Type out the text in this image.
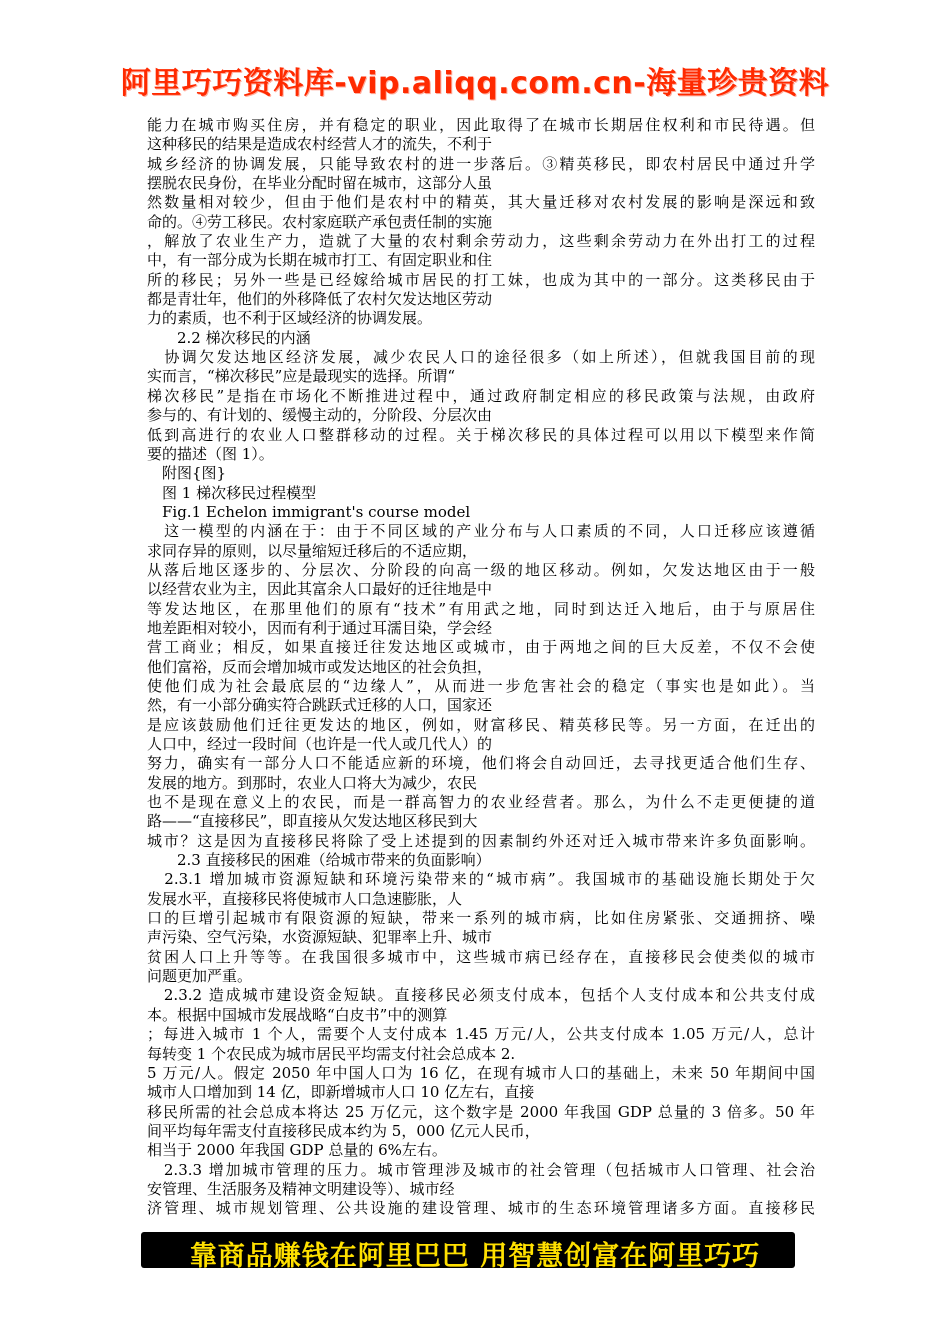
阿里巧巧资料库-vip.aliqq.com.cn-海量珍贵资料
能力在城市购买住房，并有稳定的职业，因此取得了在城市长期居住权利和市民待遇。但
这种移民的结果是造成农村经营人才的流失，不利于
城乡经济的协调发展，只能导致农村的进一步落后。③精英移民，即农村居民中通过升学
摆脱农民身份，在毕业分配时留在城市，这部分人虽
然数量相对较少，但由于他们是农村中的精英，其大量迁移对农村发展的影响是深远和致
命的。④劳工移民。农村家庭联产承包责任制的实施
，解放了农业生产力，造就了大量的农村剩余劳动力，这些剩余劳动力在外出打工的过程
中，有一部分成为长期在城市打工、有固定职业和住
所的移民；另外一些是已经嫁给城市居民的打工妹，也成为其中的一部分。这类移民由于
都是青壮年，他们的外移降低了农村欠发达地区劳动
力的素质，也不利于区域经济的协调发展。
　　2.2 梯次移民的内涵
　协调欠发达地区经济发展，减少农民人口的途径很多（如上所述），但就我国目前的现
实而言，“梯次移民”应是最现实的选择。所谓“
梯次移民”是指在市场化不断推进过程中，通过政府制定相应的移民政策与法规，由政府
参与的、有计划的、缓慢主动的，分阶段、分层次由
低到高进行的农业人口整群移动的过程。关于梯次移民的具体过程可以用以下模型来作简
要的描述（图 1）。
　附图{图}
　图 1 梯次移民过程模型
　Fig.1 Echelon immigrant's course model
　这一模型的内涵在于：由于不同区域的产业分布与人口素质的不同，人口迁移应该遵循
求同存异的原则，以尽量缩短迁移后的不适应期，
从落后地区逐步的、分层次、分阶段的向高一级的地区移动。例如，欠发达地区由于一般
以经营农业为主，因此其富余人口最好的迁往地是中
等发达地区，在那里他们的原有“技术”有用武之地，同时到达迁入地后，由于与原居住
地差距相对较小，因而有利于通过耳濡目染，学会经
营工商业；相反，如果直接迁往发达地区或城市，由于两地之间的巨大反差，不仅不会使
他们富裕，反而会增加城市或发达地区的社会负担，
使他们成为社会最底层的“边缘人”，从而进一步危害社会的稳定（事实也是如此）。当
然，有一小部分确实符合跳跃式迁移的人口，国家还
是应该鼓励他们迁往更发达的地区，例如，财富移民、精英移民等。另一方面，在迁出的
人口中，经过一段时间（也许是一代人或几代人）的
努力，确实有一部分人口不能适应新的环境，他们将会自动回迁，去寻找更适合他们生存、
发展的地方。到那时，农业人口将大为减少，农民
也不是现在意义上的农民，而是一群高智力的农业经营者。那么，为什么不走更便捷的道
路——“直接移民”，即直接从欠发达地区移民到大
城市？这是因为直接移民将除了受上述提到的因素制约外还对迁入城市带来许多负面影响。
　　2.3 直接移民的困难（给城市带来的负面影响）
　2.3.1 增加城市资源短缺和环境污染带来的“城市病”。我国城市的基础设施长期处于欠
发展水平，直接移民将使城市人口急速膨胀，人
口的巨增引起城市有限资源的短缺，带来一系列的城市病，比如住房紧张、交通拥挤、噪
声污染、空气污染，水资源短缺、犯罪率上升、城市
贫困人口上升等等。在我国很多城市中，这些城市病已经存在，直接移民会使类似的城市
问题更加严重。
　2.3.2 造成城市建设资金短缺。直接移民必须支付成本，包括个人支付成本和公共支付成
本。根据中国城市发展战略“白皮书”中的测算
；每进入城市 1 个人，需要个人支付成本 1.45 万元/人，公共支付成本 1.05 万元/人，总计
每转变 1 个农民成为城市居民平均需支付社会总成本 2.
5 万元/人。假定 2050 年中国人口为 16 亿，在现有城市人口的基础上，未来 50 年期间中国
城市人口增加到 14 亿，即新增城市人口 10 亿左右，直接
移民所需的社会总成本将达 25 万亿元，这个数字是 2000 年我国 GDP 总量的 3 倍多。50 年
间平均每年需支付直接移民成本约为 5，000 亿元人民币，
相当于 2000 年我国 GDP 总量的 6%左右。
　2.3.3 增加城市管理的压力。城市管理涉及城市的社会管理（包括城市人口管理、社会治
安管理、生活服务及精神文明建设等）、城市经
济管理、城市规划管理、公共设施的建设管理、城市的生态环境管理诸多方面。直接移民
靠商品赚钱在阿里巴巴 用智慧创富在阿里巧巧
